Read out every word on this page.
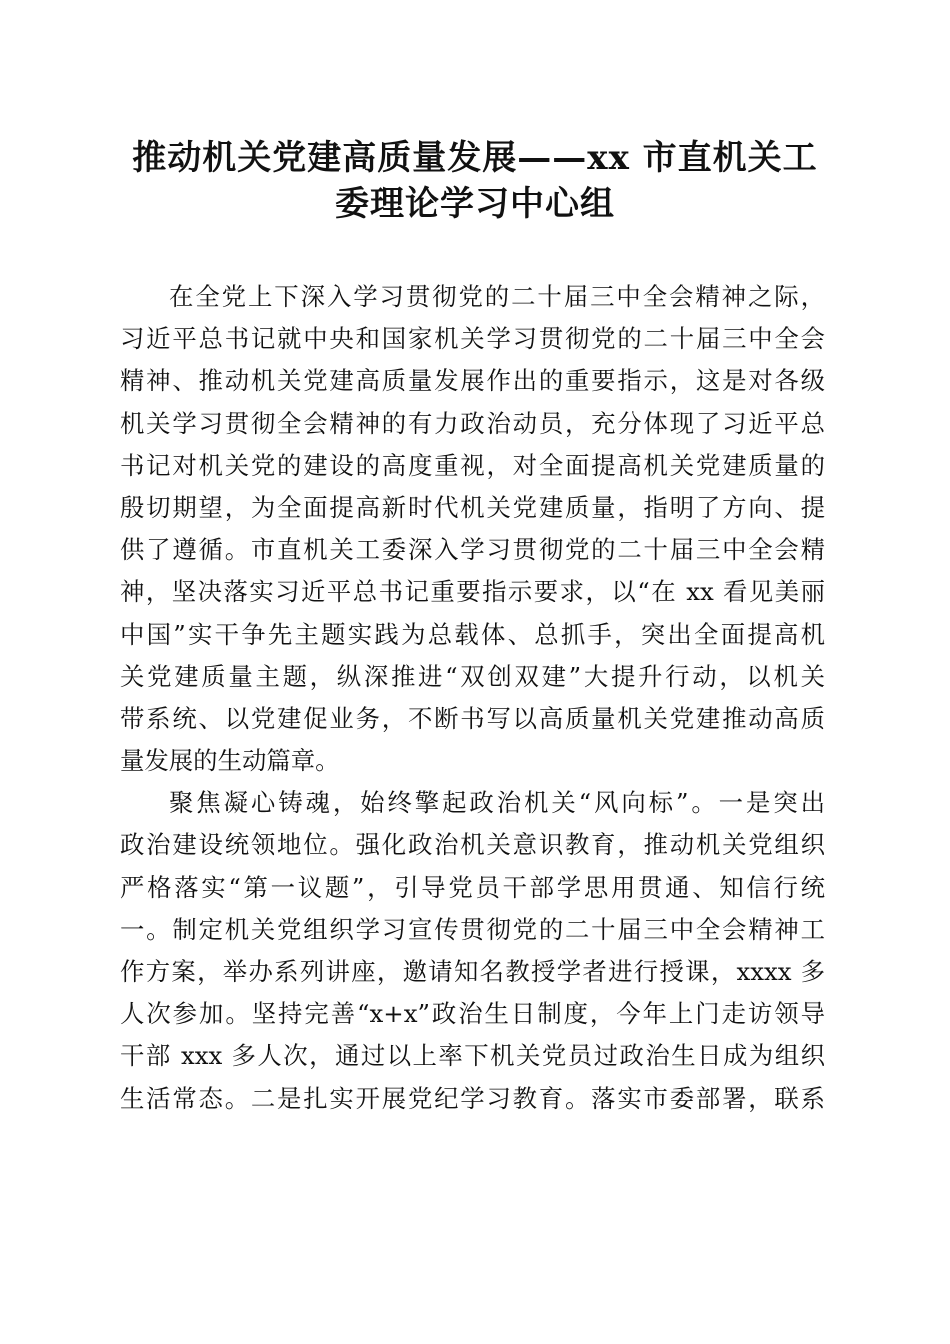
推动机关党建高质量发展——xx 市直机关工
委理论学习中心组
在全党上下深入学习贯彻党的二十届三中全会精神之际，
习近平总书记就中央和国家机关学习贯彻党的二十届三中全会
精神、推动机关党建高质量发展作出的重要指示，这是对各级
机关学习贯彻全会精神的有力政治动员，充分体现了习近平总
书记对机关党的建设的高度重视，对全面提高机关党建质量的
殷切期望，为全面提高新时代机关党建质量，指明了方向、提
供了遵循。市直机关工委深入学习贯彻党的二十届三中全会精
神，坚决落实习近平总书记重要指示要求，以“在 xx 看见美丽
中国”实干争先主题实践为总载体、总抓手，突出全面提高机
关党建质量主题，纵深推进“双创双建”大提升行动，以机关
带系统、以党建促业务，不断书写以高质量机关党建推动高质
量发展的生动篇章。
聚焦凝心铸魂，始终擎起政治机关“风向标”。一是突出
政治建设统领地位。强化政治机关意识教育，推动机关党组织
严格落实“第一议题”，引导党员干部学思用贯通、知信行统
一。制定机关党组织学习宣传贯彻党的二十届三中全会精神工
作方案，举办系列讲座，邀请知名教授学者进行授课，xxxx 多
人次参加。坚持完善“x+x”政治生日制度，今年上门走访领导
干部 xxx 多人次，通过以上率下机关党员过政治生日成为组织
生活常态。二是扎实开展党纪学习教育。落实市委部署，联系
